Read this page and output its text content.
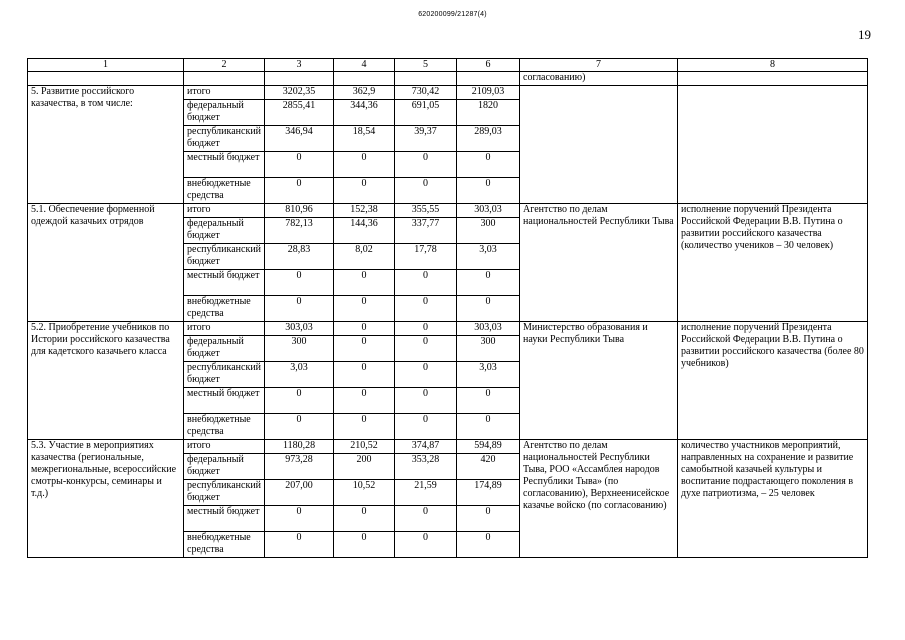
620200099/21287(4)
19
1	2	3	4	5	6	7	8
						согласованию)	
5. Развитие российского казачества, в том числе:	итого	3202,35	362,9	730,42	2109,03		
	федеральный бюджет	2855,41	344,36	691,05	1820		
	республиканский бюджет	346,94	18,54	39,37	289,03		
	местный бюджет	0	0	0	0		
	внебюджетные средства	0	0	0	0		
5.1. Обеспечение форменной одеждой казачьих отрядов	итого	810,96	152,38	355,55	303,03	Агентство по делам национальностей Республики Тыва	исполнение поручений Президента Российской Федерации В.В. Путина о развитии российского казачества (количество учеников – 30 человек)
	федеральный бюджет	782,13	144,36	337,77	300		
	республиканский бюджет	28,83	8,02	17,78	3,03		
	местный бюджет	0	0	0	0		
	внебюджетные средства	0	0	0	0		
5.2. Приобретение учебников по Истории российского казачества для кадетского казачьего класса	итого	303,03	0	0	303,03	Министерство образования и науки Республики Тыва	исполнение поручений Президента Российской Федерации В.В. Путина о развитии российского казачества (более 80 учебников)
	федеральный бюджет	300	0	0	300		
	республиканский бюджет	3,03	0	0	3,03		
	местный бюджет	0	0	0	0		
	внебюджетные средства	0	0	0	0		
5.3. Участие в мероприятиях казачества (региональные, межрегиональные, всероссийские смотры-конкурсы, семинары и т.д.)	итого	1180,28	210,52	374,87	594,89	Агентство по делам национальностей Республики Тыва, РОО «Ассамблея народов Республики Тыва» (по согласованию), Верхнеенисейское казачье войско (по согласованию)	количество участников мероприятий, направленных на сохранение и развитие самобытной казачьей культуры и воспитание подрастающего поколения в духе патриотизма, – 25 человек
	федеральный бюджет	973,28	200	353,28	420		
	республиканский бюджет	207,00	10,52	21,59	174,89		
	местный бюджет	0	0	0	0		
	внебюджетные средства	0	0	0	0		
